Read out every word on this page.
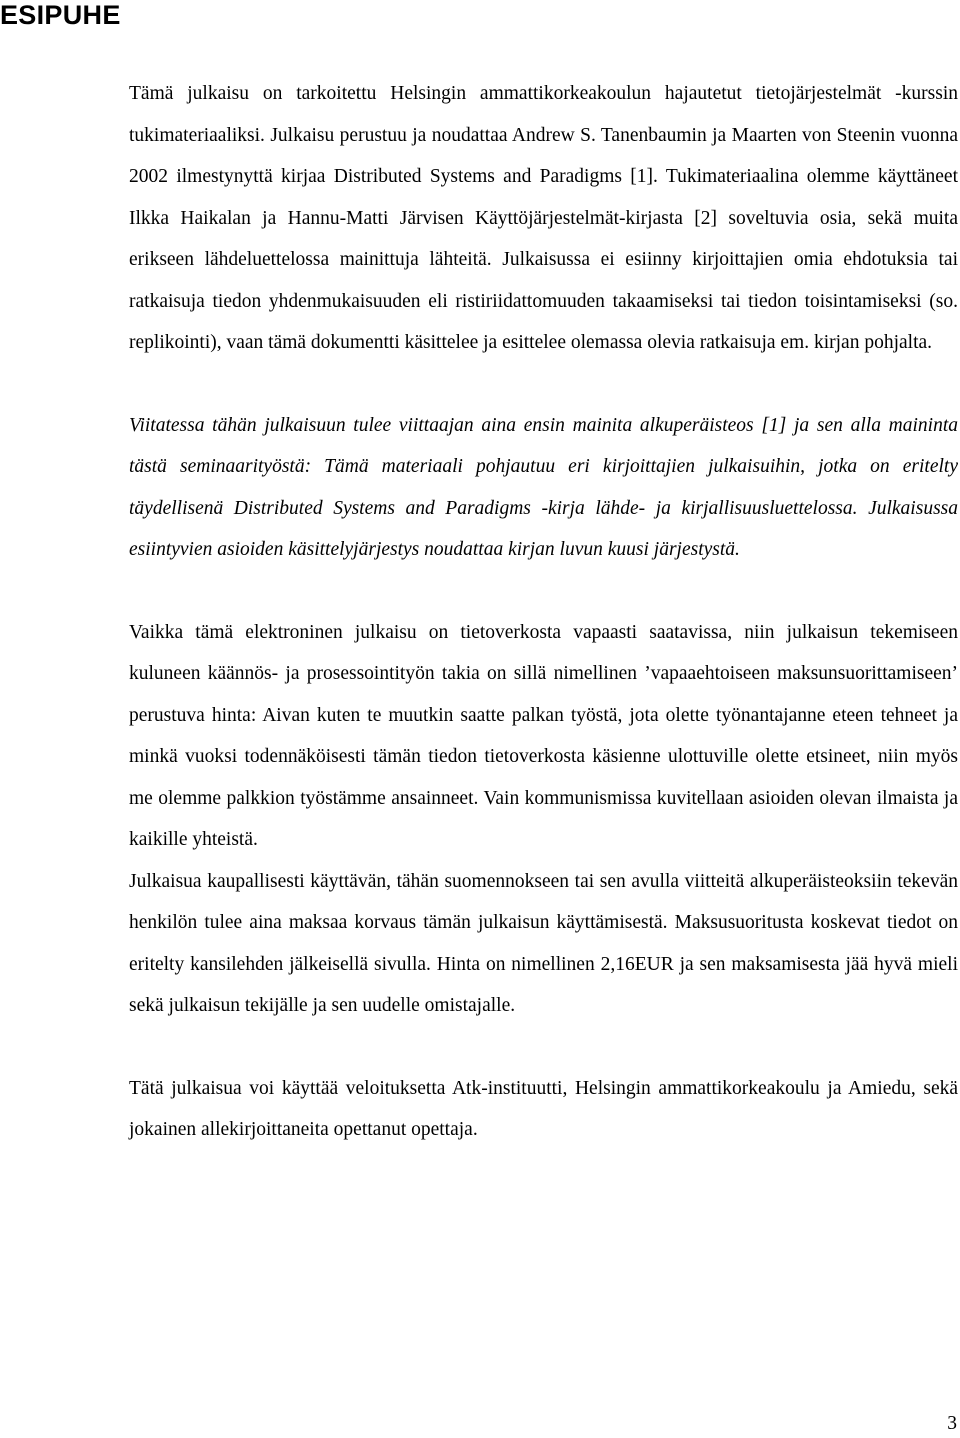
ESIPUHE

Tämä julkaisu on tarkoitettu Helsingin ammattikorkeakoulun hajautetut tietojärjestelmät -kurssin tukimateriaaliksi. Julkaisu perustuu ja noudattaa Andrew S. Tanenbaumin ja Maarten von Steenin vuonna 2002 ilmestynyttä kirjaa Distributed Systems and Paradigms [1]. Tukimateriaalina olemme käyttäneet Ilkka Haikalan ja Hannu-Matti Järvisen Käyttöjärjestelmät-kirjasta [2] soveltuvia osia, sekä muita erikseen lähdeluettelossa mainittuja lähteitä. Julkaisussa ei esiinny kirjoittajien omia ehdotuksia tai ratkaisuja tiedon yhdenmukaisuuden eli ristiriidattomuuden takaamiseksi tai tiedon toisintamiseksi (so. replikointi), vaan tämä dokumentti käsittelee ja esittelee olemassa olevia ratkaisuja em. kirjan pohjalta.

Viitatessa tähän julkaisuun tulee viittaajan aina ensin mainita alkuperäisteos [1] ja sen alla maininta tästä seminaarityöstä: Tämä materiaali pohjautuu eri kirjoittajien julkaisuihin, jotka on eritelty täydellisenä Distributed Systems and Paradigms -kirja lähde- ja kirjallisuusluettelossa. Julkaisussa esiintyvien asioiden käsittelyjärjestys noudattaa kirjan luvun kuusi järjestystä.

Vaikka tämä elektroninen julkaisu on tietoverkosta vapaasti saatavissa, niin julkaisun tekemiseen kuluneen käännös- ja prosessointityön takia on sillä nimellinen ’vapaaehtoiseen maksunsuorittamiseen’ perustuva hinta: Aivan kuten te muutkin saatte palkan työstä, jota olette työnantajanne eteen tehneet ja minkä vuoksi todennäköisesti tämän tiedon tietoverkosta käsienne ulottuville olette etsineet, niin myös me olemme palkkion työstämme ansainneet. Vain kommunismissa kuvitellaan asioiden olevan ilmaista ja kaikille yhteistä.

Julkaisua kaupallisesti käyttävän, tähän suomennokseen tai sen avulla viitteitä alkuperäisteoksiin tekevän henkilön tulee aina maksaa korvaus tämän julkaisun käyttämisestä. Maksusuoritusta koskevat tiedot on eritelty kansilehden jälkeisellä sivulla. Hinta on nimellinen 2,16EUR ja sen maksamisesta jää hyvä mieli sekä julkaisun tekijälle ja sen uudelle omistajalle.

Tätä julkaisua voi käyttää veloituksetta Atk-instituutti, Helsingin ammattikorkeakoulu ja Amiedu, sekä jokainen allekirjoittaneita opettanut opettaja.

3
